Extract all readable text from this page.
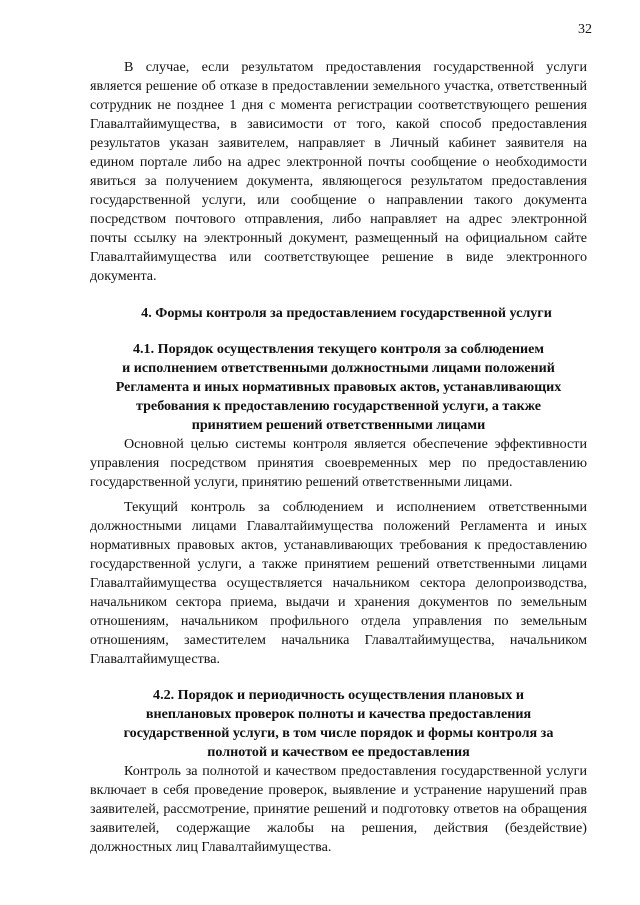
32

В случае, если результатом предоставления государственной услуги является решение об отказе в предоставлении земельного участка, ответственный сотрудник не позднее 1 дня с момента регистрации соответствующего решения Главалтайимущества, в зависимости от того, какой способ предоставления результатов указан заявителем, направляет в Личный кабинет заявителя на едином портале либо на адрес электронной почты сообщение о необходимости явиться за получением документа, являющегося результатом предоставления государственной услуги, или сообщение о направлении такого документа посредством почтового отправления, либо направляет на адрес электронной почты ссылку на электронный документ, размещенный на официальном сайте Главалтайимущества или соответствующее решение в виде электронного документа.

4. Формы контроля за предоставлением государственной услуги

4.1. Порядок осуществления текущего контроля за соблюдением
и исполнением ответственными должностными лицами положений
Регламента и иных нормативных правовых актов, устанавливающих
требования к предоставлению государственной услуги, а также
принятием решений ответственными лицами

Основной целью системы контроля является обеспечение эффективности управления посредством принятия своевременных мер по предоставлению государственной услуги, принятию решений ответственными лицами.

Текущий контроль за соблюдением и исполнением ответственными должностными лицами Главалтайимущества положений Регламента и иных нормативных правовых актов, устанавливающих требования к предоставлению государственной услуги, а также принятием решений ответственными лицами Главалтайимущества осуществляется начальником сектора делопроизводства, начальником сектора приема, выдачи и хранения документов по земельным отношениям, начальником профильного отдела управления по земельным отношениям, заместителем начальника Главалтайимущества, начальником Главалтайимущества.

4.2. Порядок и периодичность осуществления плановых и
внеплановых проверок полноты и качества предоставления
государственной услуги, в том числе порядок и формы контроля за
полнотой и качеством ее предоставления

Контроль за полнотой и качеством предоставления государственной услуги включает в себя проведение проверок, выявление и устранение нарушений прав заявителей, рассмотрение, принятие решений и подготовку ответов на обращения заявителей, содержащие жалобы на решения, действия (бездействие) должностных лиц Главалтайимущества.
